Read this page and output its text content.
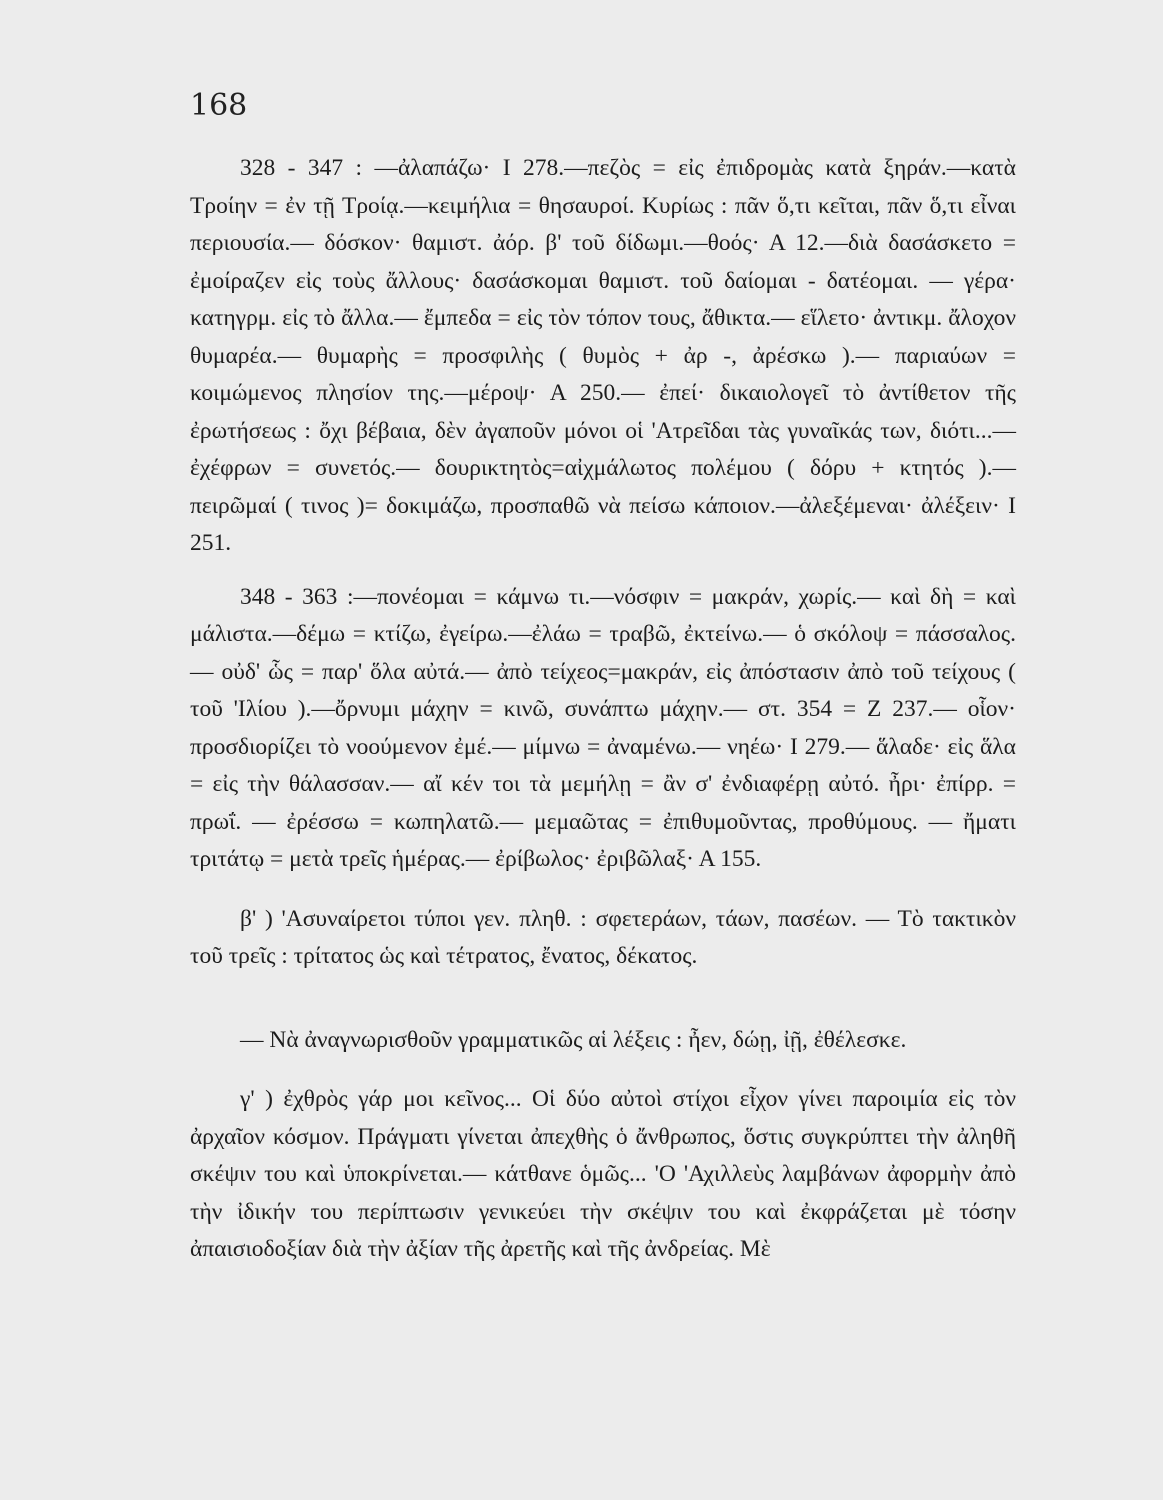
168

328 - 347 : —ἀλαπάζω· Ι 278.—πεζὸς = εἰς ἐπιδρομὰς κατὰ ξηράν.—κατὰ Τροίην = ἐν τῇ Τροίᾳ.—κειμήλια = θησαυροί. Κυρίως : πᾶν ὅ,τι κεῖται, πᾶν ὅ,τι εἶναι περιουσία.— δόσκον· θαμιστ. ἀόρ. β' τοῦ δίδωμι.—θοός· Α 12.—διὰ δασάσκετο = ἐμοίραζεν εἰς τοὺς ἄλλους· δασάσκομαι θαμιστ. τοῦ δαίομαι - δατέομαι. — γέρα· κατηγρμ. εἰς τὸ ἄλλα.— ἔμπεδα = εἰς τὸν τόπον τους, ἄθικτα.— εἵλετο· ἀντικμ. ἄλοχον θυμαρέα.— θυμαρὴς = προσφιλὴς ( θυμὸς + ἀρ -, ἀρέσκω ).— παριαύων = κοιμώμενος πλησίον της.—μέροψ· Α 250.— ἐπεί· δικαιολογεῖ τὸ ἀντίθετον τῆς ἐρωτήσεως : ὄχι βέβαια, δὲν ἀγαποῦν μόνοι οἱ 'Ατρεῖδαι τὰς γυναῖκάς των, διότι...— ἐχέφρων = συνετός.— δουρικτητὸς=αἰχμάλωτος πολέμου ( δόρυ + κτητός ).—πειρῶμαί ( τινος )= δοκιμάζω, προσπαθῶ νὰ πείσω κάποιον.—ἀλεξέμεναι· ἀλέξειν· Ι 251.

348 - 363 :—πονέομαι = κάμνω τι.—νόσφιν = μακράν, χωρίς.— καὶ δὴ = καὶ μάλιστα.—δέμω = κτίζω, ἐγείρω.—ἐλάω = τραβῶ, ἐκτείνω.— ὁ σκόλοψ = πάσσαλος.— οὐδ' ὧς = παρ' ὅλα αὐτά.— ἀπὸ τείχεος=μακράν, εἰς ἀπόστασιν ἀπὸ τοῦ τείχους ( τοῦ 'Ιλίου ).—ὄρνυμι μάχην = κινῶ, συνάπτω μάχην.— στ. 354 = Ζ 237.— οἷον· προσδιορίζει τὸ νοούμενον ἐμέ.— μίμνω = ἀναμένω.— νηέω· Ι 279.— ἅλαδε· εἰς ἅλα = εἰς τὴν θάλασσαν.— αἴ κέν τοι τὰ μεμήλῃ = ἂν σ' ἐνδιαφέρῃ αὐτό. ἦρι· ἐπίρρ. = πρωΐ. — ἐρέσσω = κωπηλατῶ.— μεμαῶτας = ἐπιθυμοῦντας, προθύμους. — ἤματι τριτάτῳ = μετὰ τρεῖς ἡμέρας.— ἐρίβωλος· ἐριβῶλαξ· Α 155.

β' ) 'Ασυναίρετοι τύποι γεν. πληθ. : σφετεράων, τάων, πασέων. — Τὸ τακτικὸν τοῦ τρεῖς : τρίτατος ὡς καὶ τέτρατος, ἔνατος, δέκατος.

— Νὰ ἀναγνωρισθοῦν γραμματικῶς αἱ λέξεις : ἦεν, δώῃ, ἰῇ, ἐθέλεσκε.

γ' ) ἐχθρὸς γάρ μοι κεῖνος... Οἱ δύο αὐτοὶ στίχοι εἶχον γίνει παροιμία εἰς τὸν ἀρχαῖον κόσμον. Πράγματι γίνεται ἀπεχθὴς ὁ ἄνθρωπος, ὅστις συγκρύπτει τὴν ἀληθῆ σκέψιν του καὶ ὑποκρίνεται.— κάτθανε ὁμῶς... 'Ο 'Αχιλλεὺς λαμβάνων ἀφορμὴν ἀπὸ τὴν ἰδικήν του περίπτωσιν γενικεύει τὴν σκέψιν του καὶ ἐκφράζεται μὲ τόσην ἀπαισιοδοξίαν διὰ τὴν ἀξίαν τῆς ἀρετῆς καὶ τῆς ἀνδρείας. Μὲ
